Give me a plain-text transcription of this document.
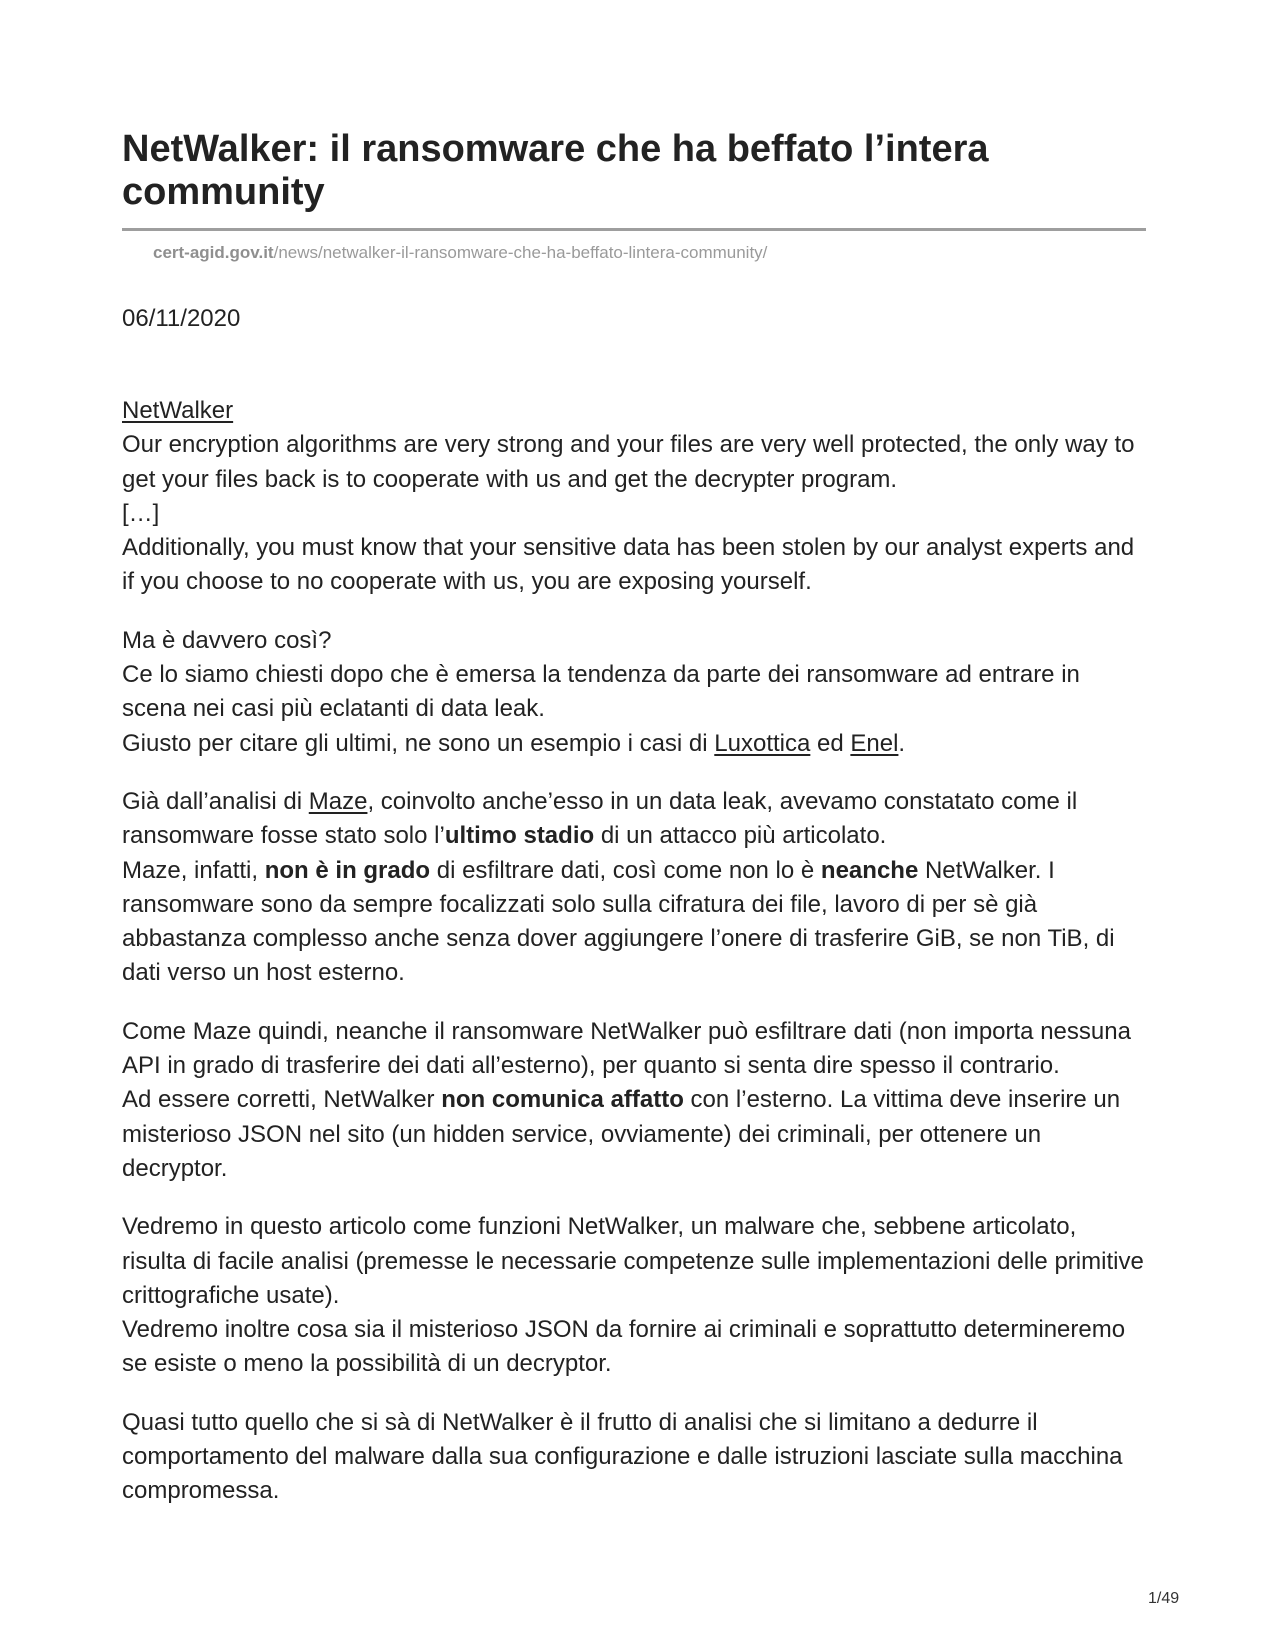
NetWalker: il ransomware che ha beffato l’intera community
cert-agid.gov.it/news/netwalker-il-ransomware-che-ha-beffato-lintera-community/
06/11/2020

NetWalker
Our encryption algorithms are very strong and your files are very well protected, the only way to get your files back is to cooperate with us and get the decrypter program.
[…]
Additionally, you must know that your sensitive data has been stolen by our analyst experts and if you choose to no cooperate with us, you are exposing yourself.

Ma è davvero così?
Ce lo siamo chiesti dopo che è emersa la tendenza da parte dei ransomware ad entrare in scena nei casi più eclatanti di data leak.
Giusto per citare gli ultimi, ne sono un esempio i casi di Luxottica ed Enel.

Già dall’analisi di Maze, coinvolto anche’esso in un data leak, avevamo constatato come il ransomware fosse stato solo l’ultimo stadio di un attacco più articolato.
Maze, infatti, non è in grado di esfiltrare dati, così come non lo è neanche NetWalker. I ransomware sono da sempre focalizzati solo sulla cifratura dei file, lavoro di per sè già abbastanza complesso anche senza dover aggiungere l’onere di trasferire GiB, se non TiB, di dati verso un host esterno.

Come Maze quindi, neanche il ransomware NetWalker può esfiltrare dati (non importa nessuna API in grado di trasferire dei dati all’esterno), per quanto si senta dire spesso il contrario.
Ad essere corretti, NetWalker non comunica affatto con l’esterno. La vittima deve inserire un misterioso JSON nel sito (un hidden service, ovviamente) dei criminali, per ottenere un decryptor.

Vedremo in questo articolo come funzioni NetWalker, un malware che, sebbene articolato, risulta di facile analisi (premesse le necessarie competenze sulle implementazioni delle primitive crittografiche usate).
Vedremo inoltre cosa sia il misterioso JSON da fornire ai criminali e soprattutto determineremo se esiste o meno la possibilità di un decryptor.

Quasi tutto quello che si sà di NetWalker è il frutto di analisi che si limitano a dedurre il comportamento del malware dalla sua configurazione e dalle istruzioni lasciate sulla macchina compromessa.

1/49
